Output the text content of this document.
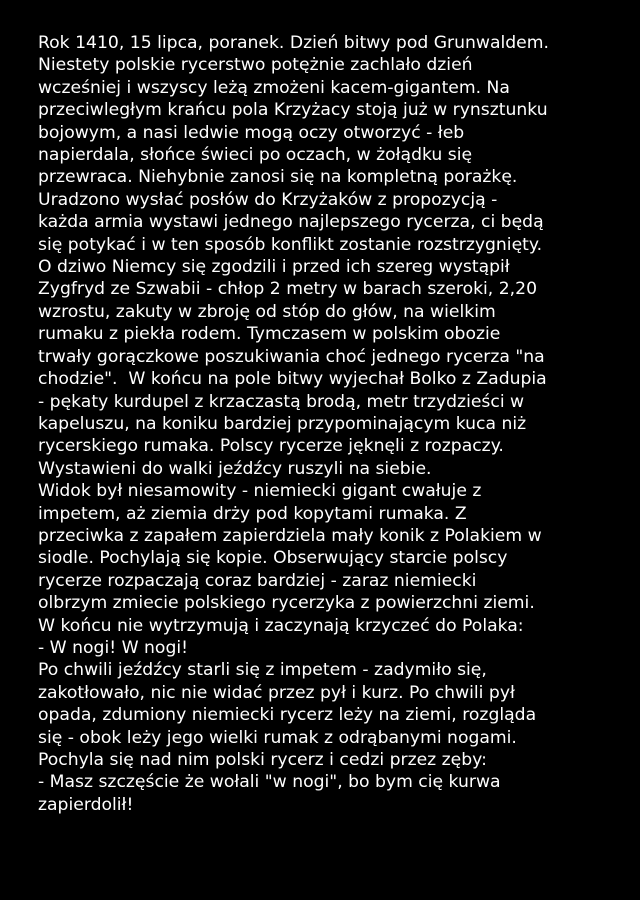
Rok 1410, 15 lipca, poranek. Dzień bitwy pod Grunwaldem.
Niestety polskie rycerstwo potężnie zachlało dzień
wcześniej i wszyscy leżą zmożeni kacem-gigantem. Na
przeciwległym krańcu pola Krzyżacy stoją już w rynsztunku
bojowym, a nasi ledwie mogą oczy otworzyć - łeb
napierdala, słońce świeci po oczach, w żołądku się
przewraca. Niehybnie zanosi się na kompletną porażkę.
Uradzono wysłać posłów do Krzyżaków z propozycją -
każda armia wystawi jednego najlepszego rycerza, ci będą
się potykać i w ten sposób konflikt zostanie rozstrzygnięty.
O dziwo Niemcy się zgodzili i przed ich szereg wystąpił
Zygfryd ze Szwabii - chłop 2 metry w barach szeroki, 2,20
wzrostu, zakuty w zbroję od stóp do głów, na wielkim
rumaku z piekła rodem. Tymczasem w polskim obozie
trwały gorączkowe poszukiwania choć jednego rycerza "na
chodzie".  W końcu na pole bitwy wyjechał Bolko z Zadupia
- pękaty kurdupel z krzaczastą brodą, metr trzydzieści w
kapeluszu, na koniku bardziej przypominającym kuca niż
rycerskiego rumaka. Polscy rycerze jęknęli z rozpaczy.
Wystawieni do walki jeźdźcy ruszyli na siebie.
Widok był niesamowity - niemiecki gigant cwałuje z
impetem, aż ziemia drży pod kopytami rumaka. Z
przeciwka z zapałem zapierdziela mały konik z Polakiem w
siodle. Pochylają się kopie. Obserwujący starcie polscy
rycerze rozpaczają coraz bardziej - zaraz niemiecki
olbrzym zmiecie polskiego rycerzyka z powierzchni ziemi.
W końcu nie wytrzymują i zaczynają krzyczeć do Polaka:
- W nogi! W nogi!
Po chwili jeźdźcy starli się z impetem - zadymiło się,
zakotłowało, nic nie widać przez pył i kurz. Po chwili pył
opada, zdumiony niemiecki rycerz leży na ziemi, rozgląda
się - obok leży jego wielki rumak z odrąbanymi nogami.
Pochyla się nad nim polski rycerz i cedzi przez zęby:
- Masz szczęście że wołali "w nogi", bo bym cię kurwa
zapierdolił!
